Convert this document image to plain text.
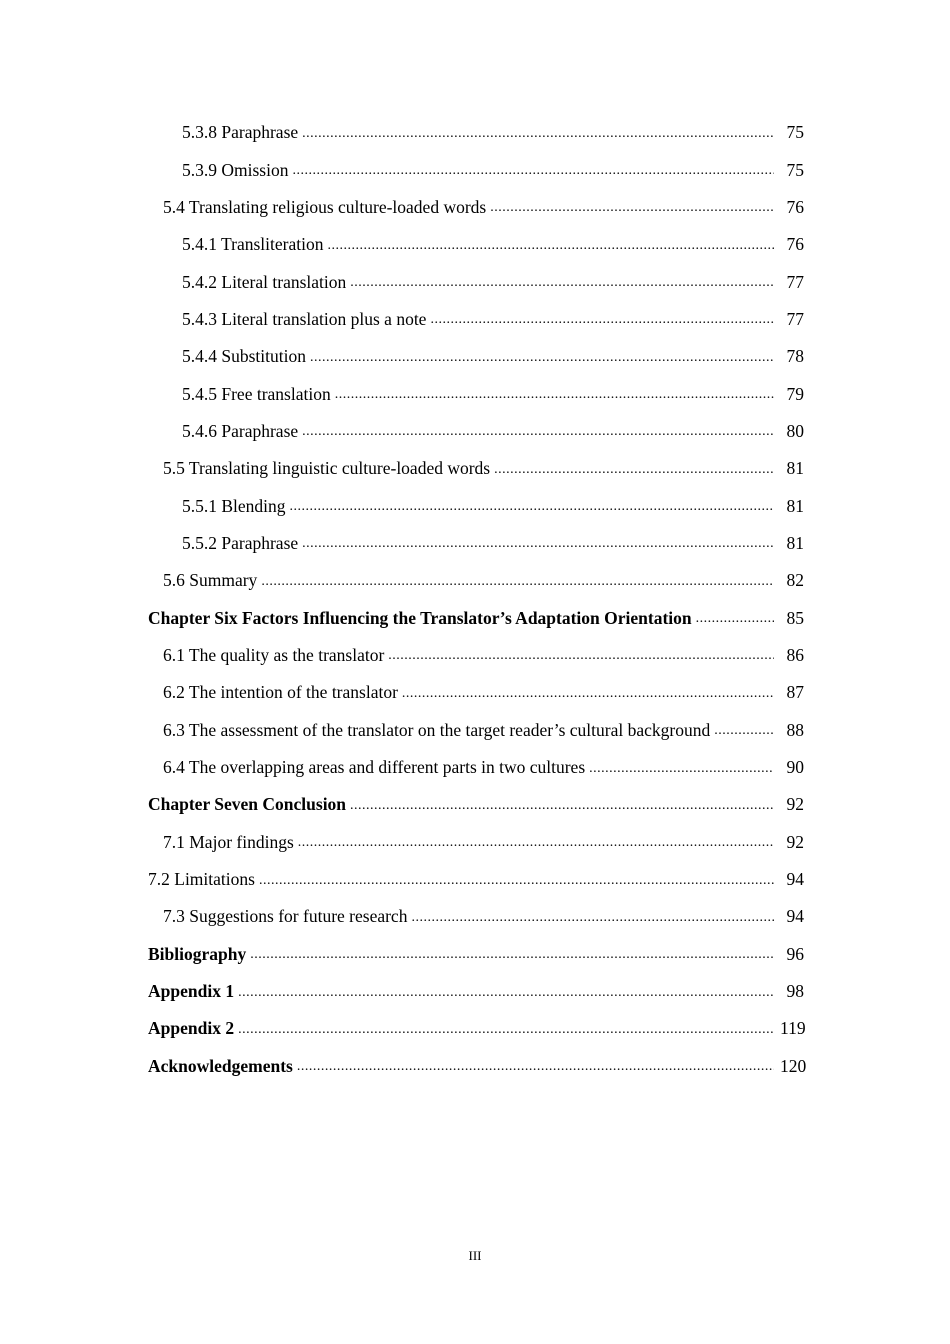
5.3.8 Paraphrase .....	75
5.3.9 Omission .....	75
5.4 Translating religious culture-loaded words .....	76
5.4.1 Transliteration .....	76
5.4.2 Literal translation .....	77
5.4.3 Literal translation plus a note .....	77
5.4.4 Substitution .....	78
5.4.5 Free translation .....	79
5.4.6 Paraphrase .....	80
5.5 Translating linguistic culture-loaded words .....	81
5.5.1 Blending .....	81
5.5.2 Paraphrase .....	81
5.6 Summary .....	82
Chapter Six Factors Influencing the Translator’s Adaptation Orientation .....	85
6.1 The quality as the translator .....	86
6.2 The intention of the translator .....	87
6.3 The assessment of the translator on the target reader’s cultural background .....	88
6.4 The overlapping areas and different parts in two cultures .....	90
Chapter Seven Conclusion .....	92
7.1 Major findings .....	92
7.2 Limitations .....	94
7.3 Suggestions for future research .....	94
Bibliography .....	96
Appendix 1 .....	98
Appendix 2 .....	119
Acknowledgements .....	120
III
